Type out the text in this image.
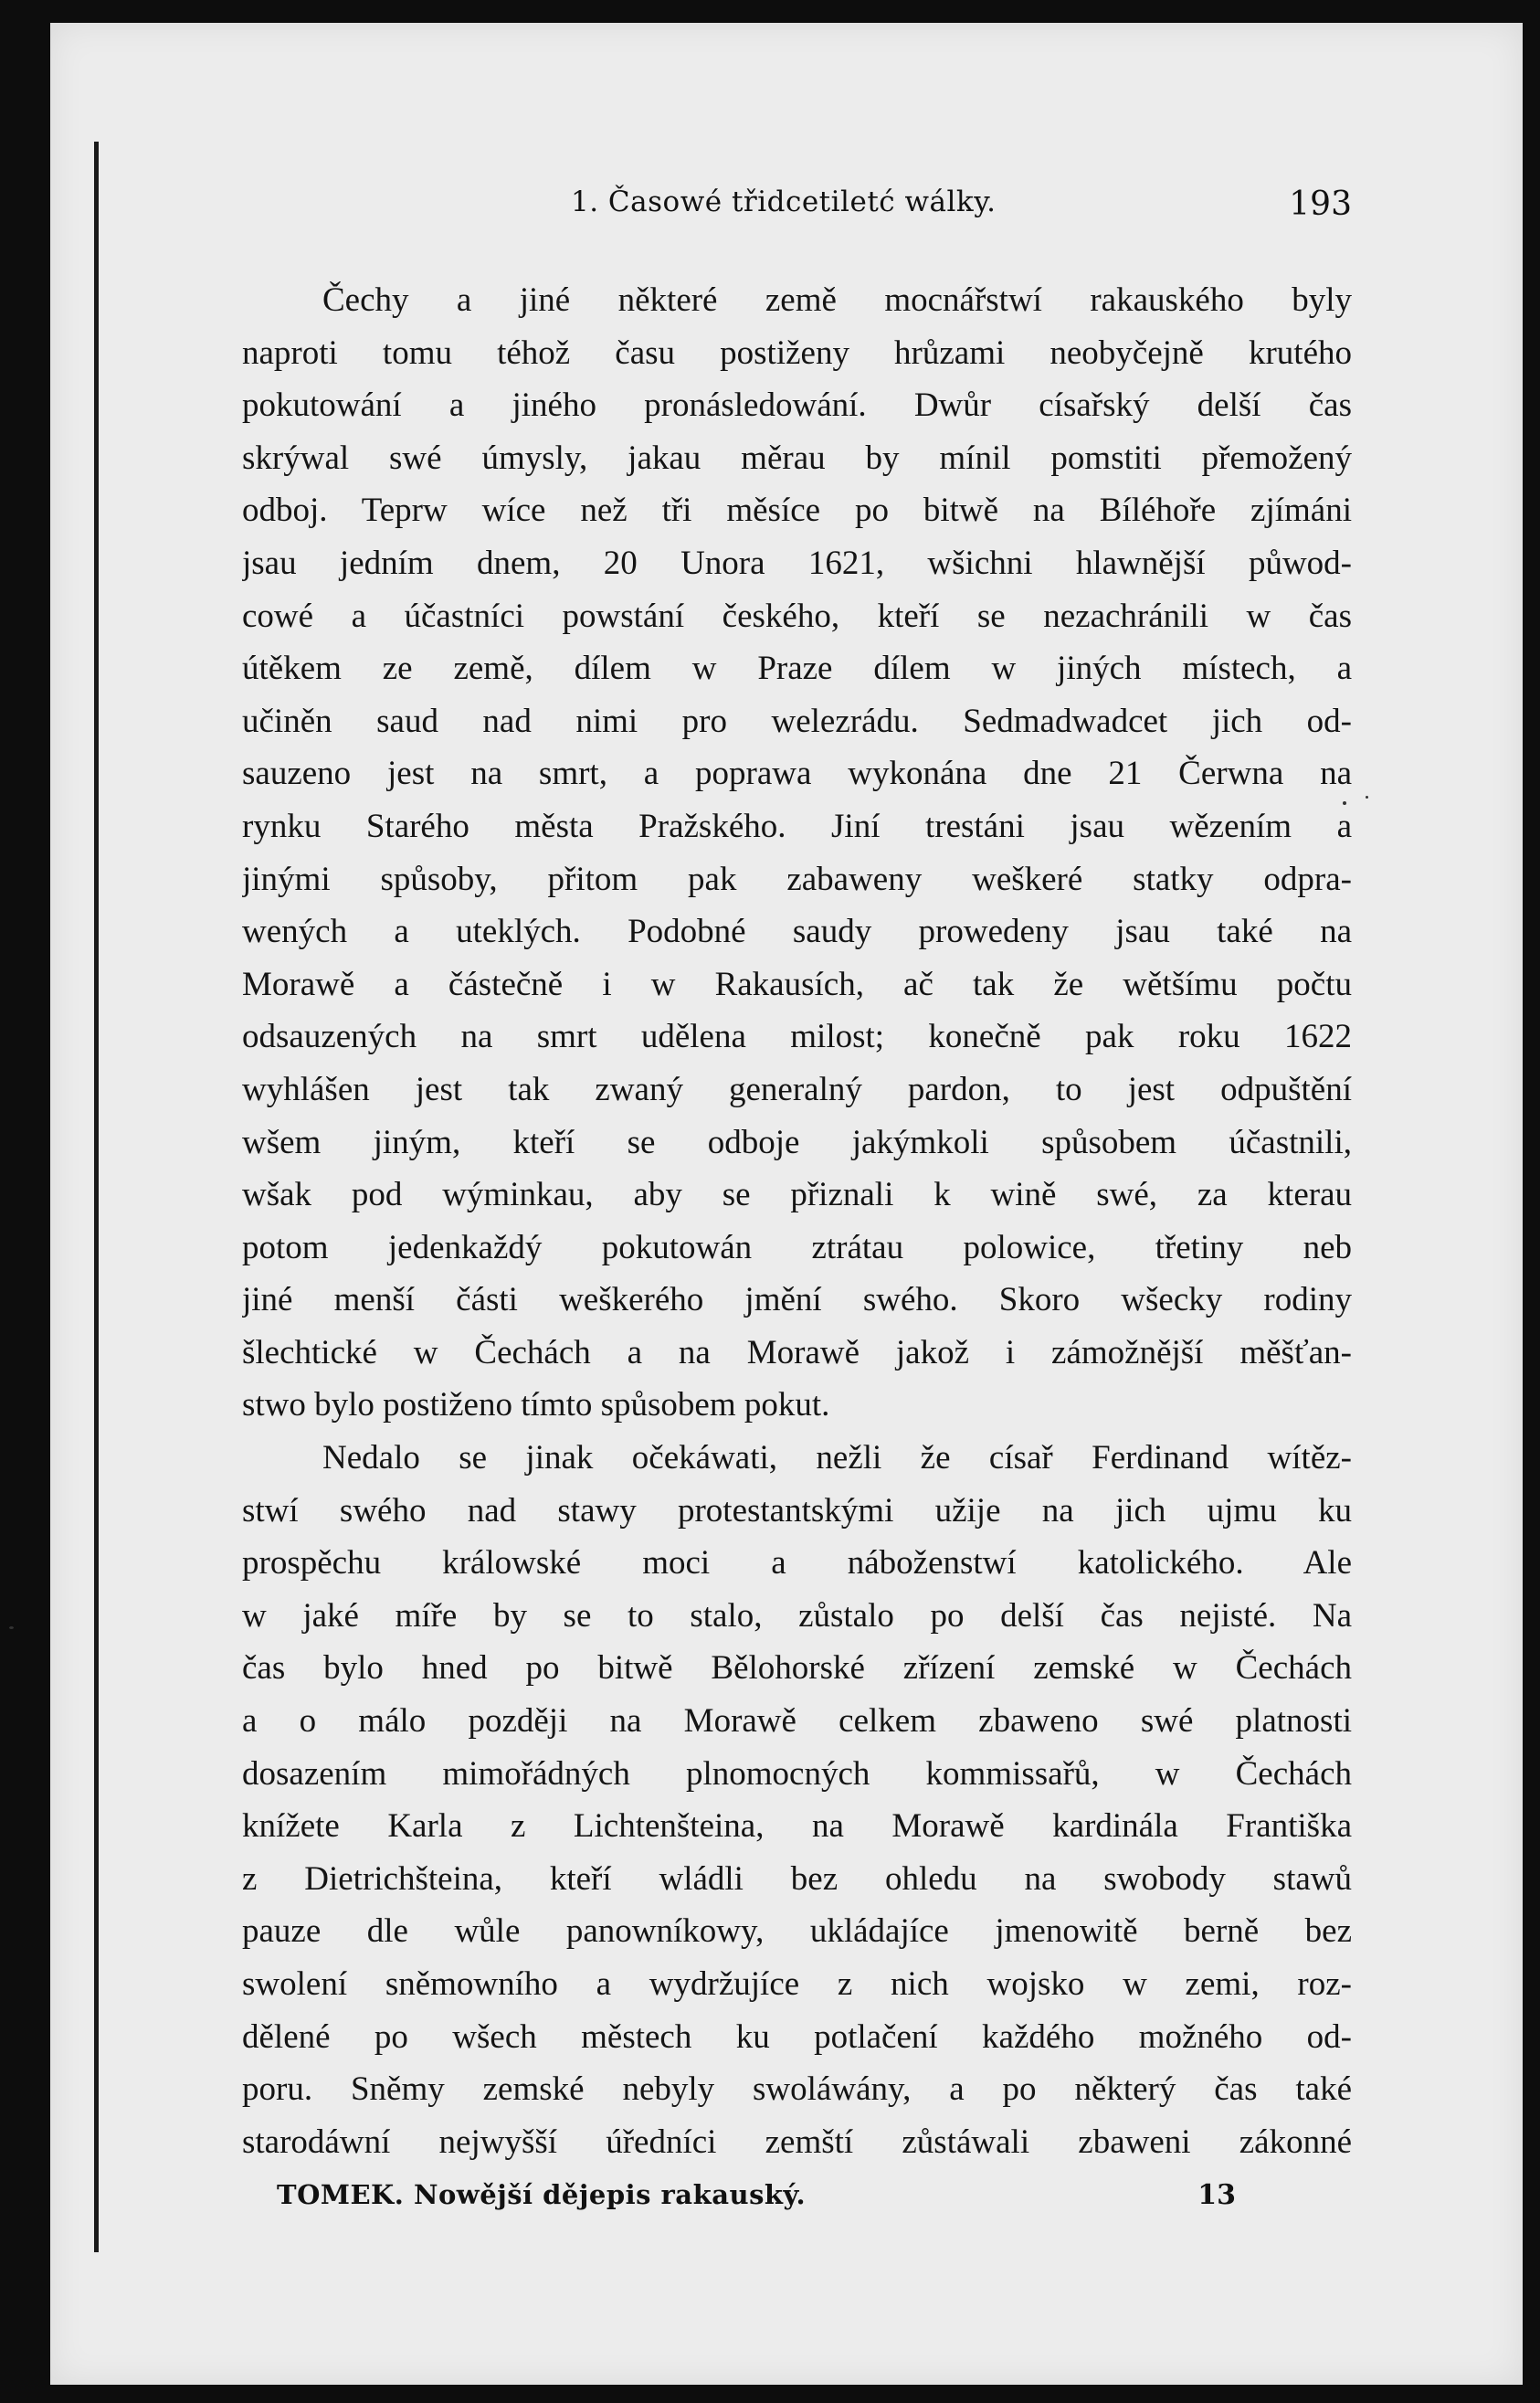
1. Časowé třidcetiletć wálky.	193
Čechy a jiné některé země mocnářstwí rakauského byly
naproti tomu téhož času postiženy hrůzami neobyčejně krutého
pokutowání a jiného pronásledowání. Dwůr císařský delší čas
skrýwal swé úmysly, jakau měrau by mínil pomstiti přemožený
odboj. Teprw wíce než tři měsíce po bitwě na Bíléhoře zjímáni
jsau jedním dnem, 20 Unora 1621, wšichni hlawnější půwod-
cowé a účastníci powstání českého, kteří se nezachránili w čas
útěkem ze země, dílem w Praze dílem w jiných místech, a
učiněn saud nad nimi pro welezrádu. Sedmadwadcet jich od-
sauzeno jest na smrt, a poprawa wykonána dne 21 Čerwna na
rynku Starého města Pražského. Jiní trestáni jsau wězením a
jinými spůsoby, přitom pak zabaweny weškeré statky odpra-
wených a uteklých. Podobné saudy prowedeny jsau také na
Morawě a částečně i w Rakausích, ač tak že wětšímu počtu
odsauzených na smrt udělena milost; konečně pak roku 1622
wyhlášen jest tak zwaný generalný pardon, to jest odpuštění
wšem jiným, kteří se odboje jakýmkoli spůsobem účastnili,
wšak pod wýminkau, aby se přiznali k wině swé, za kterau
potom jedenkaždý pokutowán ztrátau polowice, třetiny neb
jiné menší části weškerého jmění swého. Skoro wšecky rodiny
šlechtické w Čechách a na Morawě jakož i zámožnější měšťan-
stwo bylo postiženo tímto spůsobem pokut.
Nedalo se jinak očekáwati, nežli že císař Ferdinand wítěz-
stwí swého nad stawy protestantskými užije na jich ujmu ku
prospěchu králowské moci a náboženstwí katolického. Ale
w jaké míře by se to stalo, zůstalo po delší čas nejisté. Na
čas bylo hned po bitwě Bělohorské zřízení zemské w Čechách
a o málo později na Morawě celkem zbaweno swé platnosti
dosazením mimořádných plnomocných kommissařů, w Čechách
knížete Karla z Lichtenšteina, na Morawě kardinála Františka
z Dietrichšteina, kteří wládli bez ohledu na swobody stawů
pauze dle wůle panowníkowy, ukládajíce jmenowitě berně bez
swolení sněmowního a wydržujíce z nich wojsko w zemi, roz-
dělené po wšech městech ku potlačení každého možného od-
poru. Sněmy zemské nebyly swoláwány, a po některý čas také
starodáwní nejwyšší úředníci zemští zůstáwali zbaweni zákonné
TOMEK. Nowější dějepis rakauský.	13
